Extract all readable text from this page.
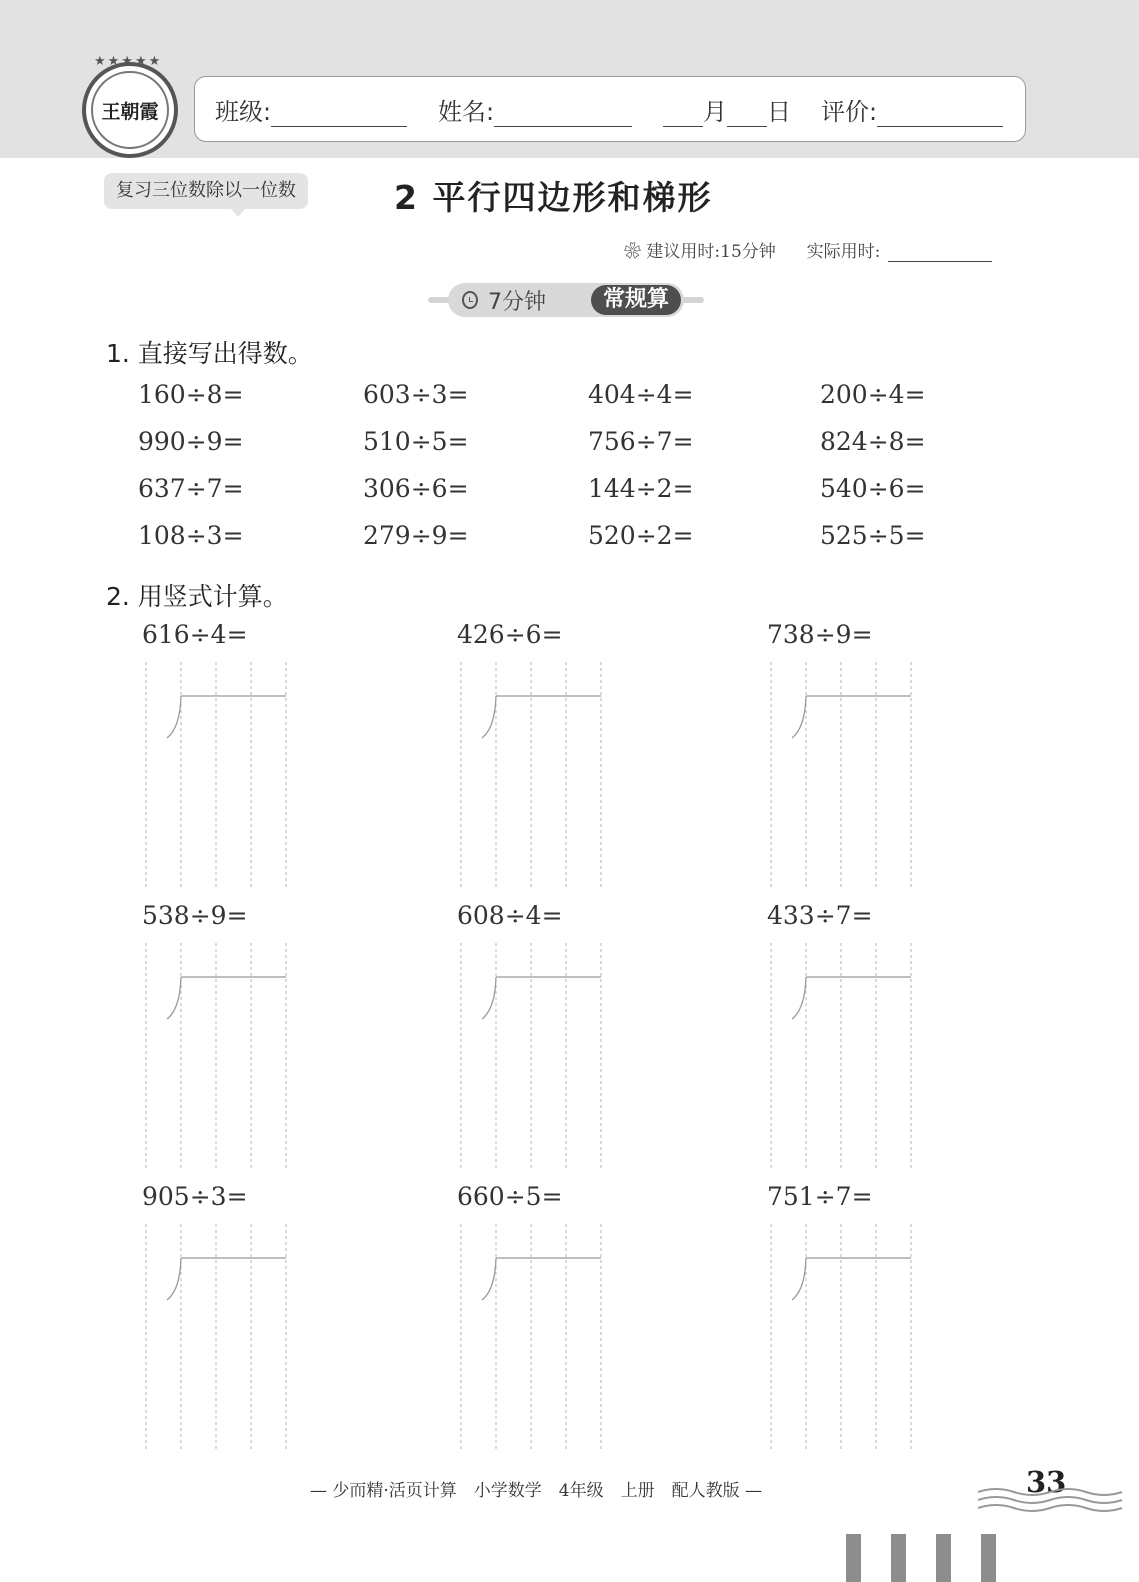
★★★★★
王朝霞	班级:	姓名:	月 日 评价:
复习三位数除以一位数	2 平行四边形和梯形
❀ 建议用时:15分钟 实际用时:
7分钟	常规算
1. 直接写出得数。
160÷8=	603÷3=	404÷4=	200÷4=
990÷9=	510÷5=	756÷7=	824÷8=
637÷7=	306÷6=	144÷2=	540÷6=
108÷3=	279÷9=	520÷2=	525÷5=
2. 用竖式计算。
616÷4=	426÷6=	738÷9=
538÷9=	608÷4=	433÷7=
905÷3=	660÷5=	751÷7=
— 少而精·活页计算　小学数学　4年级　上册　配人教版 —	33
